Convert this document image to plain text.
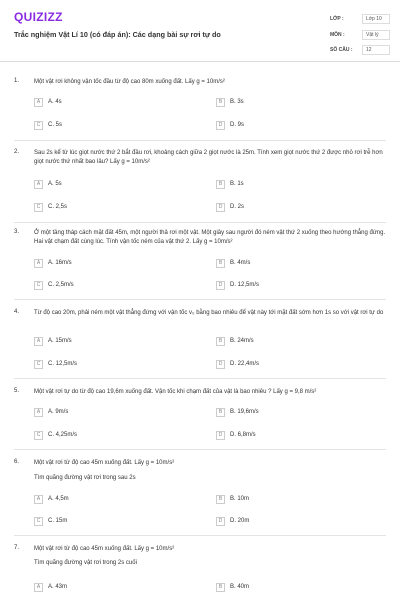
QUIZIZZ
Trắc nghiệm Vật Lí 10 (có đáp án): Các dạng bài sự rơi tự do
LỚP :	Lớp 10
MÔN :	Vật lý
SỐ CÂU :	12
1. Một vật rơi không vận tốc đầu từ độ cao 80m xuống đất. Lấy g = 10m/s²
A	A. 4s	B	B. 3s
C	C. 5s	D	D. 9s
2. Sau 2s kể từ lúc giọt nước thứ 2 bắt đầu rơi, khoảng cách giữa 2 giọt nước là 25m. Tính xem giọt nước thứ 2 được nhỏ rơi trễ hơn giọt nước thứ nhất bao lâu? Lấy g = 10m/s²
A	A. 5s	B	B. 1s
C	C. 2,5s	D	D. 2s
3. Ở một tầng tháp cách mặt đất 45m, một người thả rơi một vật. Một giây sau người đó ném vật thứ 2 xuống theo hướng thẳng đứng. Hai vật chạm đất cùng lúc. Tính vận tốc ném của vật thứ 2. Lấy g = 10m/s²
A	A. 16m/s	B	B. 4m/s
C	C. 2,5m/s	D	D. 12,5m/s
4. Từ độ cao 20m, phải ném một vật thẳng đứng với vận tốc v₀ bằng bao nhiêu để vật này tới mặt đất sớm hơn 1s so với vật rơi tự do
A	A. 15m/s	B	B. 24m/s
C	C. 12,5m/s	D	D. 22,4m/s
5. Một vật rơi tự do từ độ cao 19,6m xuống đất. Vận tốc khi chạm đất của vật là bao nhiêu ? Lấy g = 9,8 m/s²
A	A. 9m/s	B	B. 19,6m/s
C	C. 4,25m/s	D	D. 6,8m/s
6. Một vật rơi từ độ cao 45m xuống đất. Lấy g = 10m/s²
Tìm quãng đường vật rơi trong sau 2s
A	A. 4,5m	B	B. 10m
C	C. 15m	D	D. 20m
7. Một vật rơi từ độ cao 45m xuống đất. Lấy g = 10m/s²
Tìm quãng đường vật rơi trong 2s cuối
A	A. 43m	B	B. 40m
